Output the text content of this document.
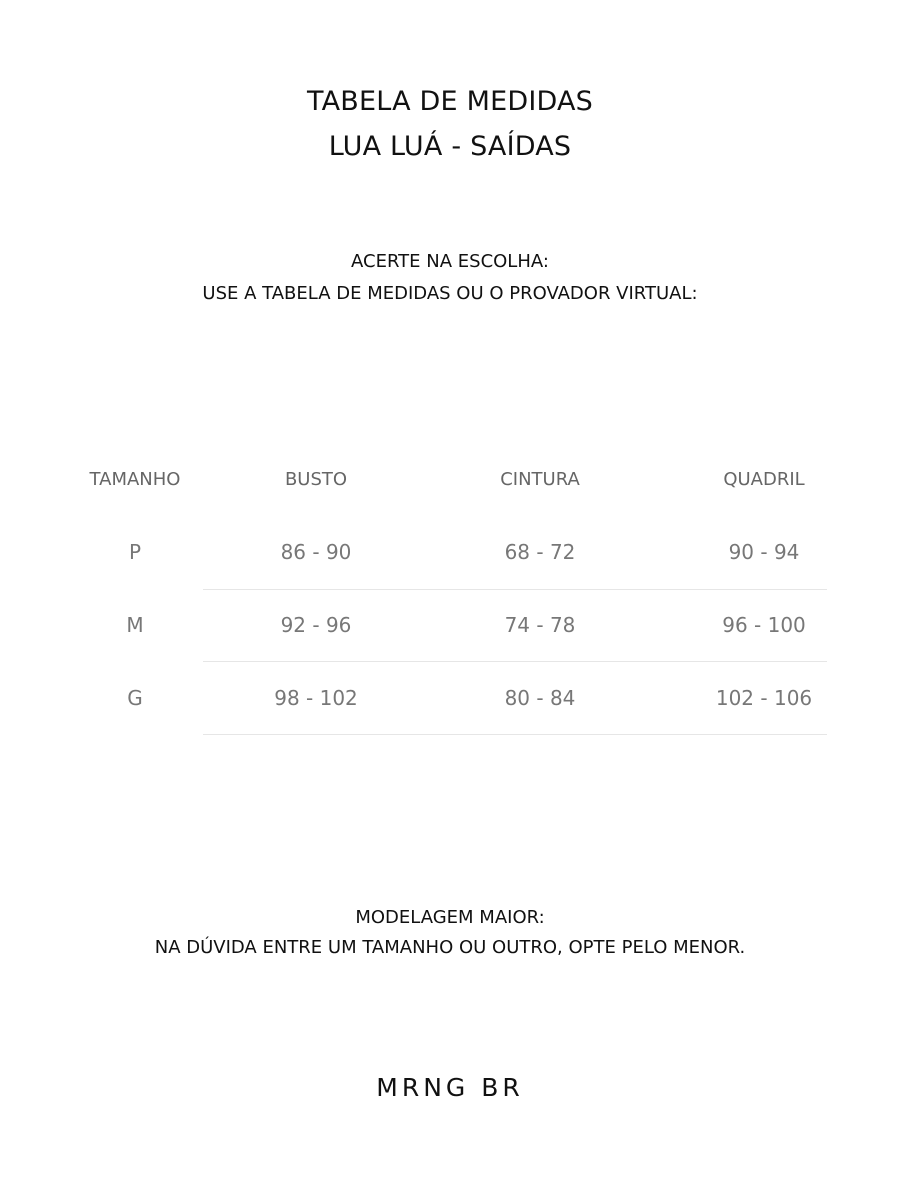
TABELA DE MEDIDAS
LUA LUÁ - SAÍDAS
ACERTE NA ESCOLHA:
USE A TABELA DE MEDIDAS OU O PROVADOR VIRTUAL:
TAMANHO	BUSTO	CINTURA	QUADRIL
P	86 - 90	68 - 72	90 - 94
M	92 - 96	74 - 78	96 - 100
G	98 - 102	80 - 84	102 - 106
MODELAGEM MAIOR:
NA DÚVIDA ENTRE UM TAMANHO OU OUTRO, OPTE PELO MENOR.
MRNG BR
